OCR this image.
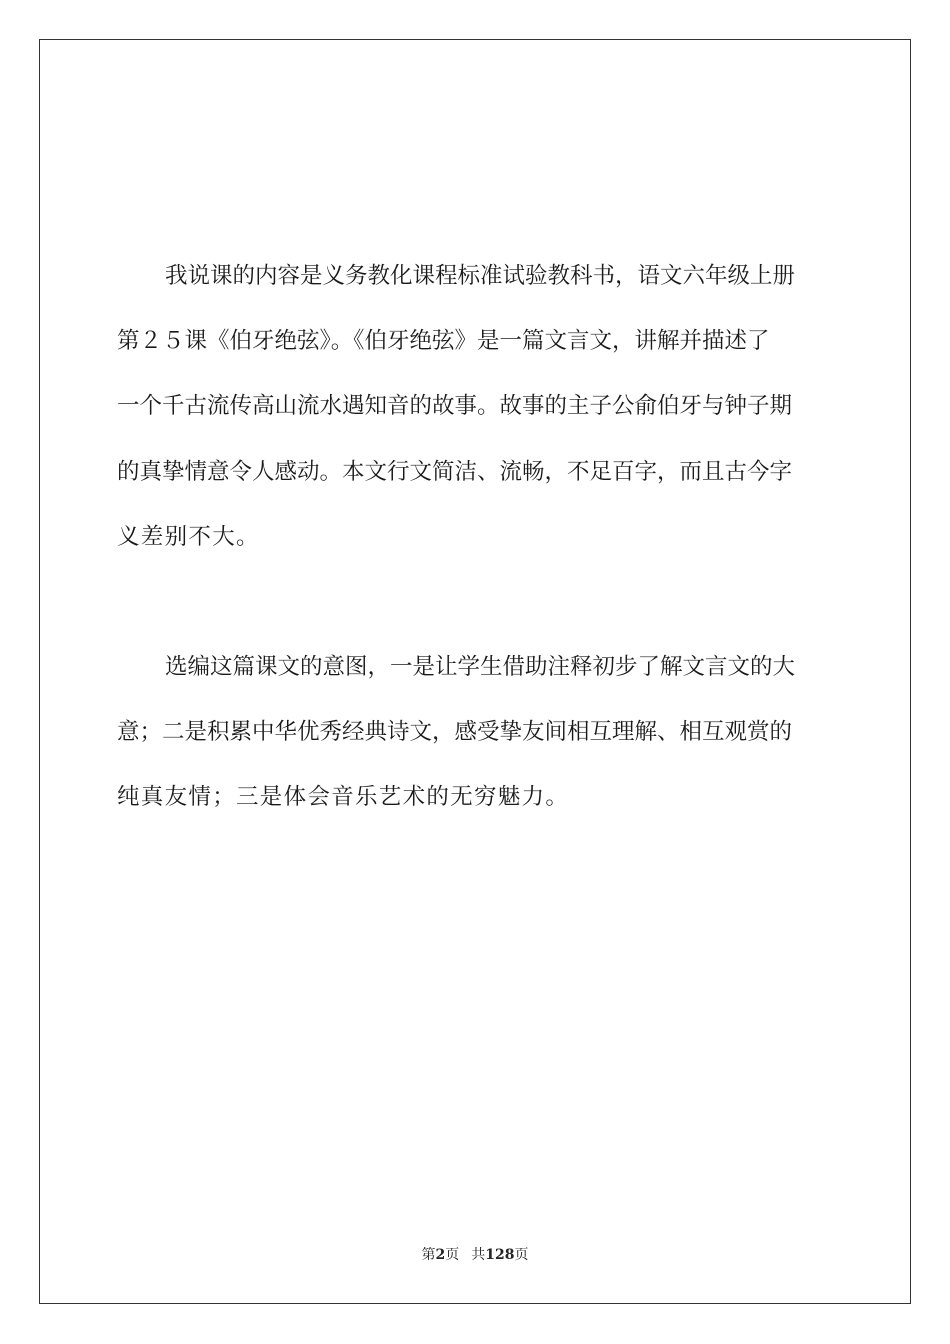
我说课的内容是义务教化课程标准试验教科书，语文六年级上册
第２５课《伯牙绝弦》。《伯牙绝弦》是一篇文言文，讲解并描述了
一个千古流传高山流水遇知音的故事。故事的主子公俞伯牙与钟子期
的真挚情意令人感动。本文行文简洁、流畅，不足百字，而且古今字
义差别不大。
选编这篇课文的意图，一是让学生借助注释初步了解文言文的大
意；二是积累中华优秀经典诗文，感受挚友间相互理解、相互观赏的
纯真友情；三是体会音乐艺术的无穷魅力。
第2页 共128页
